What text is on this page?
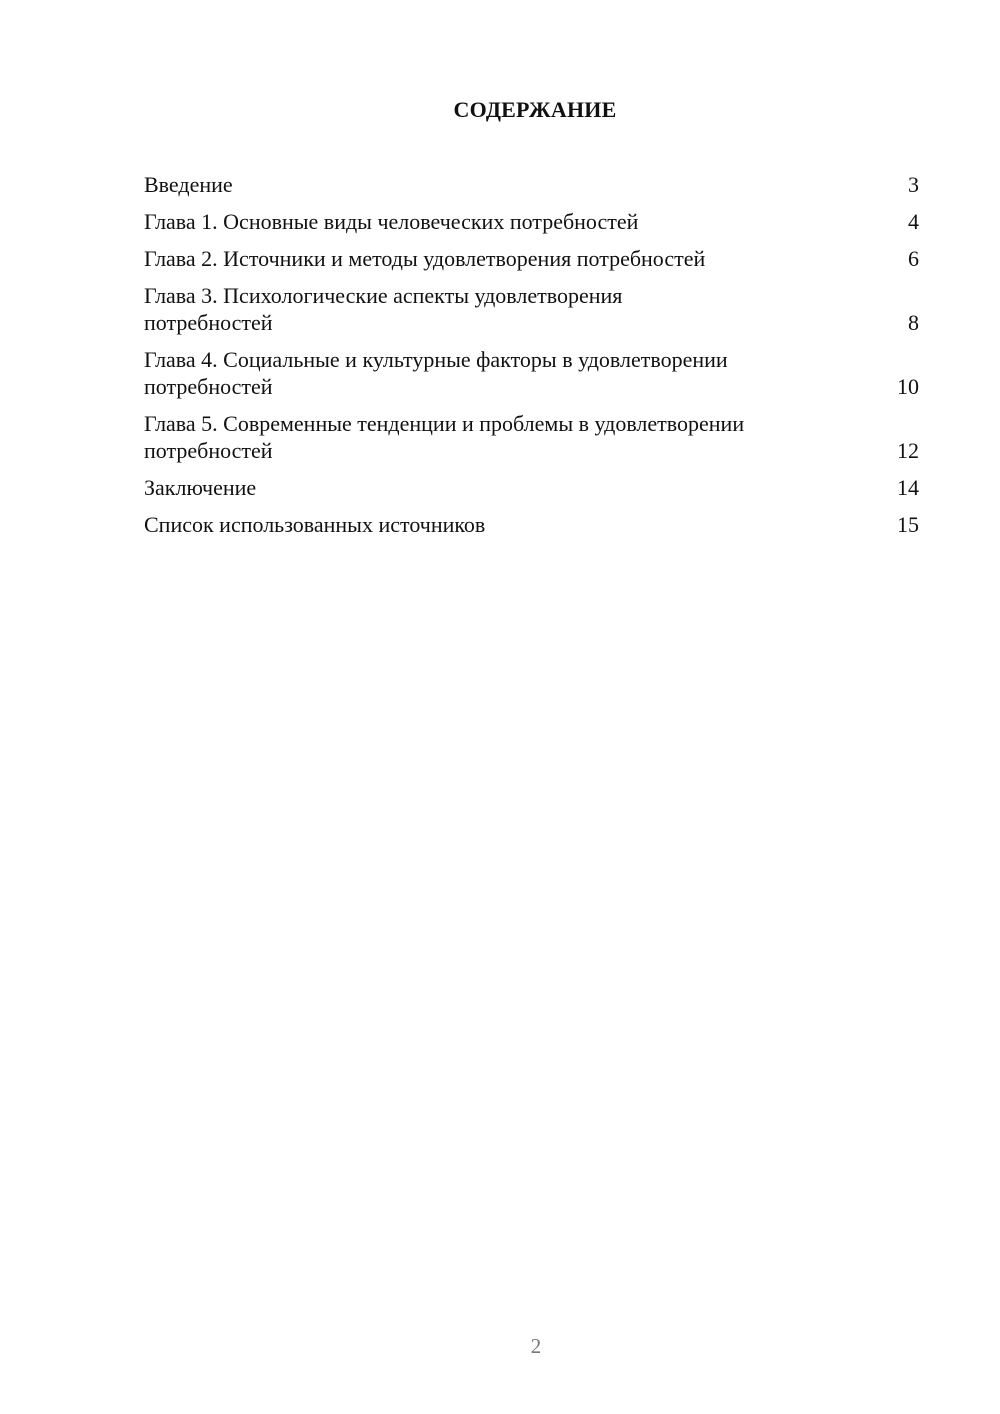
СОДЕРЖАНИЕ
Введение	3
Глава 1. Основные виды человеческих потребностей	4
Глава 2. Источники и методы удовлетворения потребностей	6
Глава 3. Психологические аспекты удовлетворения
потребностей	8
Глава 4. Социальные и культурные факторы в удовлетворении
потребностей	10
Глава 5. Современные тенденции и проблемы в удовлетворении
потребностей	12
Заключение	14
Список использованных источников	15
2
